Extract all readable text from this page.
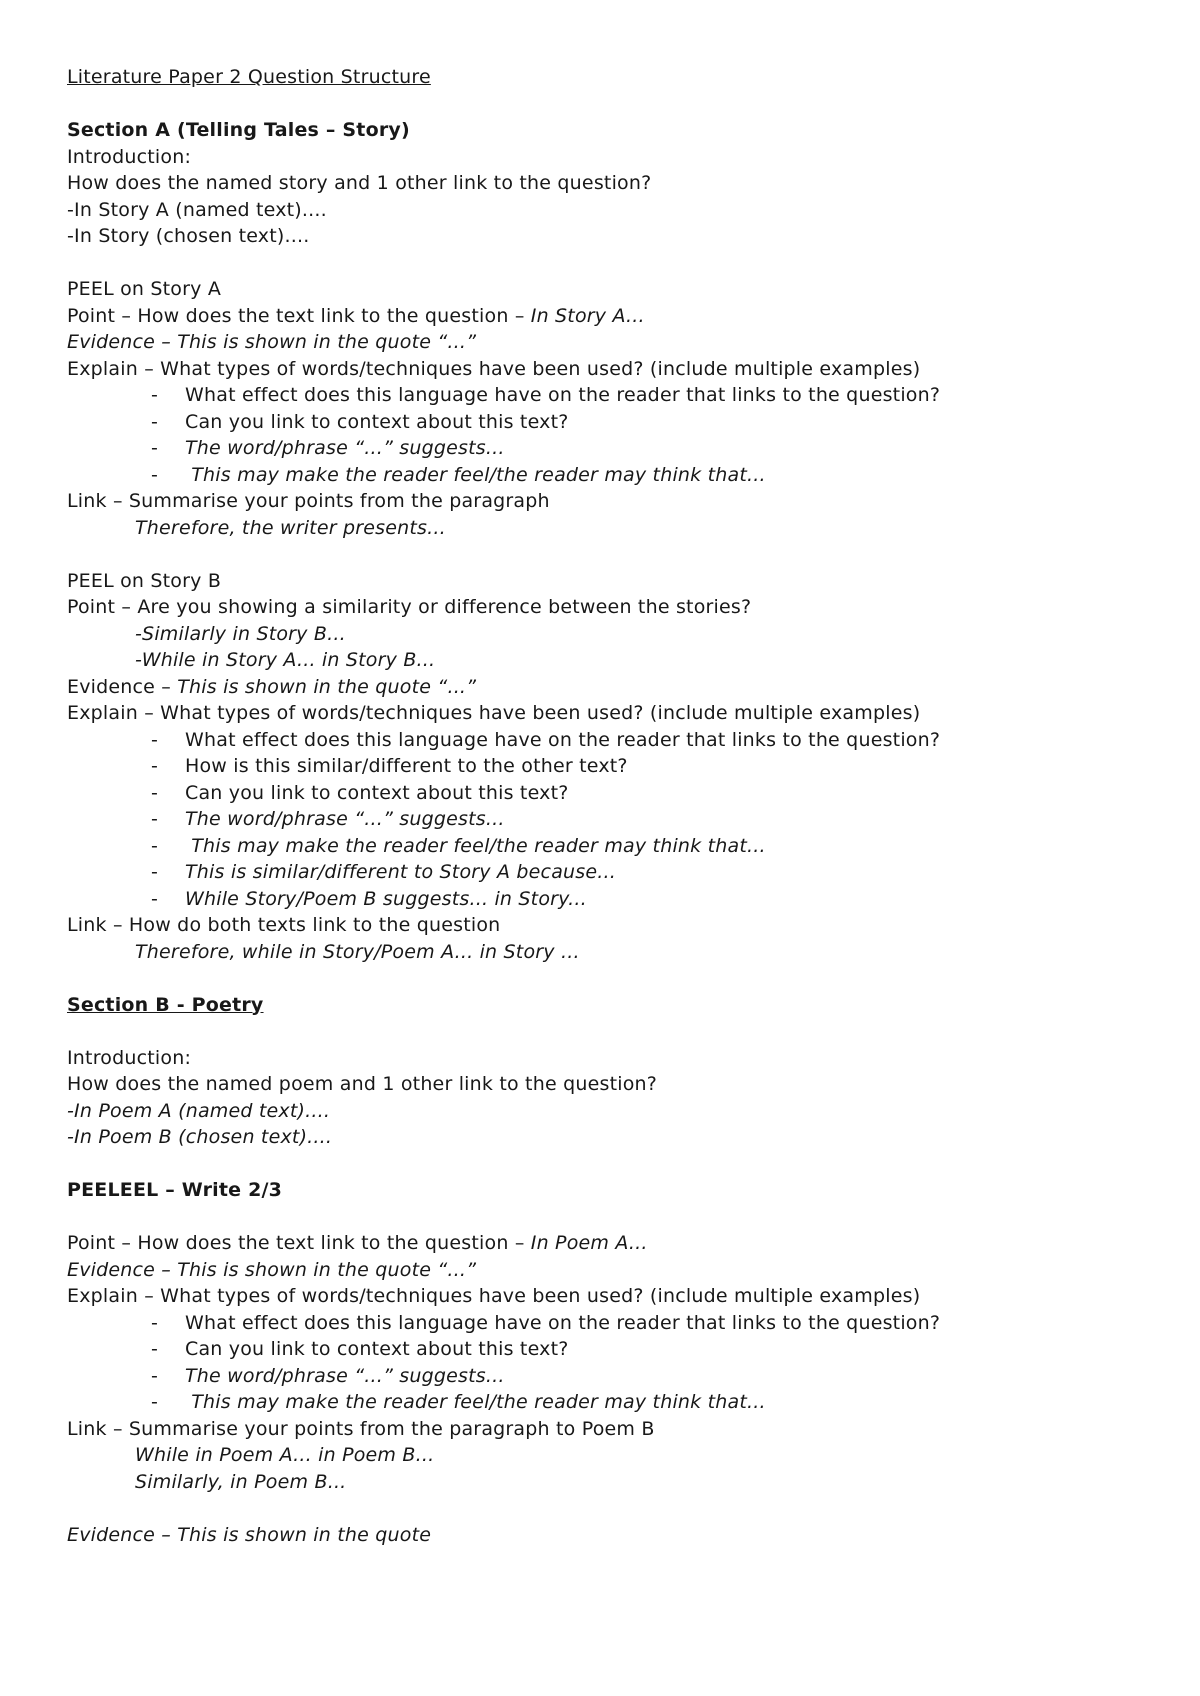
Literature Paper 2 Question Structure
Section A (Telling Tales – Story)
Introduction:
How does the named story and 1 other link to the question?
-In Story A (named text)....
-In Story (chosen text)....
PEEL on Story A
Point – How does the text link to the question – In Story A...
Evidence – This is shown in the quote “...”
Explain – What types of words/techniques have been used? (include multiple examples)
-	What effect does this language have on the reader that links to the question?
-	Can you link to context about this text?
-	The word/phrase “...” suggests...
-	This may make the reader feel/the reader may think that...
Link – Summarise your points from the paragraph
Therefore, the writer presents...
PEEL on Story B
Point – Are you showing a similarity or difference between the stories?
-Similarly in Story B...
-While in Story A... in Story B...
Evidence – This is shown in the quote “...”
Explain – What types of words/techniques have been used? (include multiple examples)
-	What effect does this language have on the reader that links to the question?
-	How is this similar/different to the other text?
-	Can you link to context about this text?
-	The word/phrase “...” suggests...
-	This may make the reader feel/the reader may think that...
-	This is similar/different to Story A because...
-	While Story/Poem B suggests... in Story...
Link – How do both texts link to the question
Therefore, while in Story/Poem A... in Story ...
Section B - Poetry
Introduction:
How does the named poem and 1 other link to the question?
-In Poem A (named text)....
-In Poem B (chosen text)....
PEELEEL – Write 2/3
Point – How does the text link to the question – In Poem A...
Evidence – This is shown in the quote “...”
Explain – What types of words/techniques have been used? (include multiple examples)
-	What effect does this language have on the reader that links to the question?
-	Can you link to context about this text?
-	The word/phrase “...” suggests...
-	This may make the reader feel/the reader may think that...
Link – Summarise your points from the paragraph to Poem B
While in Poem A... in Poem B...
Similarly, in Poem B...
Evidence – This is shown in the quote
